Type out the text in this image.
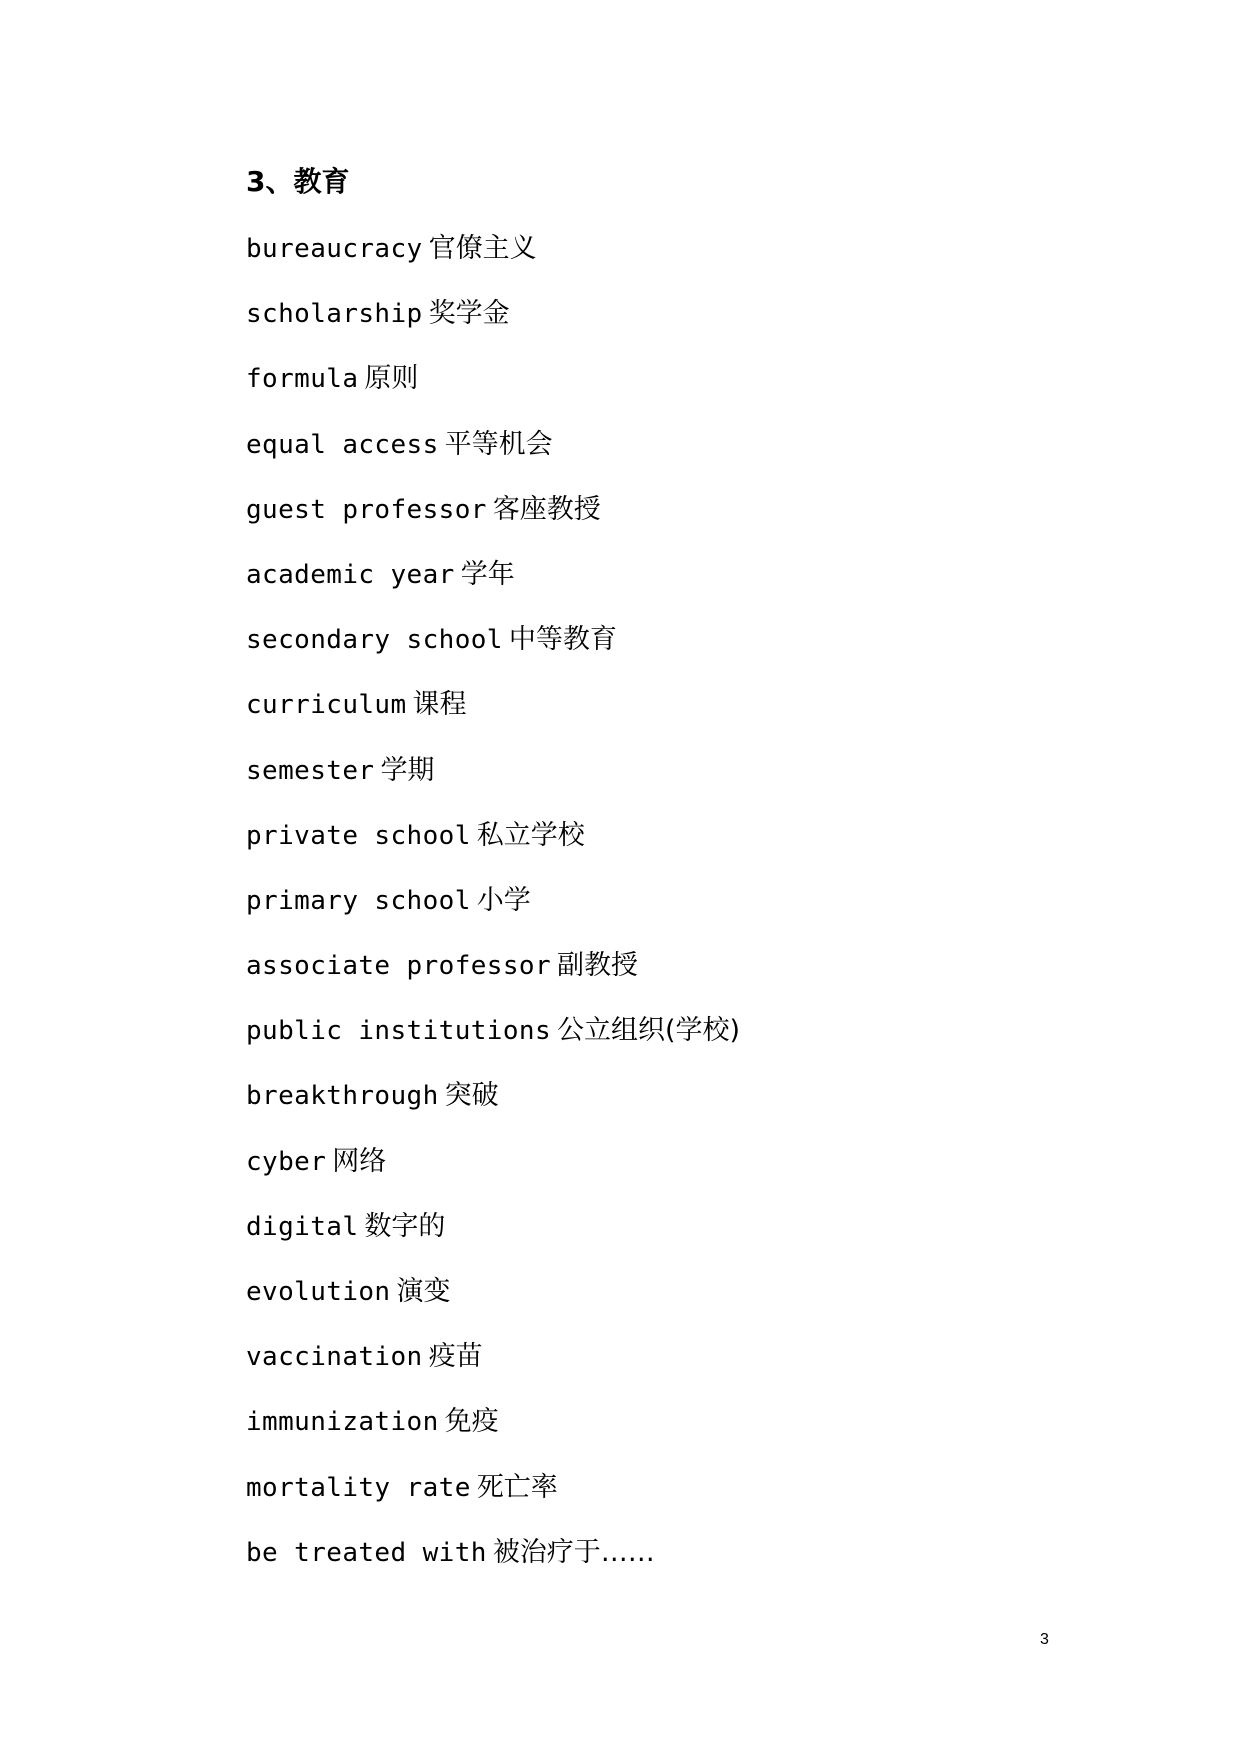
3、教育
bureaucracy 官僚主义
scholarship 奖学金
formula 原则
equal access 平等机会
guest professor 客座教授
academic year 学年
secondary school 中等教育
curriculum 课程
semester 学期
private school 私立学校
primary school 小学
associate professor 副教授
public institutions 公立组织(学校)
breakthrough 突破
cyber 网络
digital 数字的
evolution 演变
vaccination 疫苗
immunization 免疫
mortality rate 死亡率
be treated with 被治疗于……
3
